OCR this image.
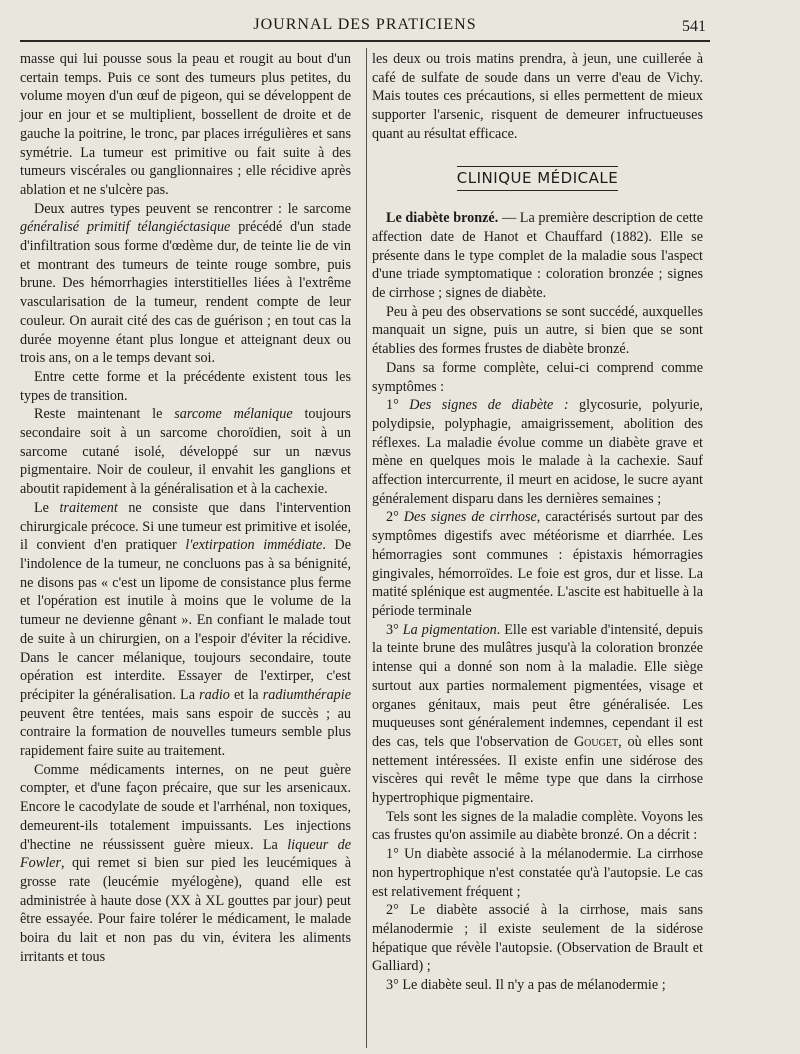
JOURNAL DES PRATICIENS	541

masse qui lui pousse sous la peau et rougit au bout d'un certain temps. Puis ce sont des tumeurs plus petites, du volume moyen d'un œuf de pigeon, qui se développent de jour en jour et se multiplient, bossellent de droite et de gauche la poitrine, le tronc, par places irrégulières et sans symétrie. La tumeur est primitive ou fait suite à des tumeurs viscérales ou ganglionnaires ; elle récidive après ablation et ne s'ulcère pas.

Deux autres types peuvent se rencontrer : le sarcome généralisé primitif télangiéctasique précédé d'un stade d'infiltration sous forme d'œdème dur, de teinte lie de vin et montrant des tumeurs de teinte rouge sombre, puis brune. Des hémorrhagies interstitielles liées à l'extrême vascularisation de la tumeur, rendent compte de leur couleur. On aurait cité des cas de guérison ; en tout cas la durée moyenne étant plus longue et atteignant deux ou trois ans, on a le temps devant soi.

Entre cette forme et la précédente existent tous les types de transition.

Reste maintenant le sarcome mélanique toujours secondaire soit à un sarcome choroïdien, soit à un sarcome cutané isolé, développé sur un nævus pigmentaire. Noir de couleur, il envahit les ganglions et aboutit rapidement à la généralisation et à la cachexie.

Le traitement ne consiste que dans l'intervention chirurgicale précoce. Si une tumeur est primitive et isolée, il convient d'en pratiquer l'extirpation immédiate. De l'indolence de la tumeur, ne concluons pas à sa bénignité, ne disons pas « c'est un lipome de consistance plus ferme et l'opération est inutile à moins que le volume de la tumeur ne devienne gênant ». En confiant le malade tout de suite à un chirurgien, on a l'espoir d'éviter la récidive. Dans le cancer mélanique, toujours secondaire, toute opération est interdite. Essayer de l'extirper, c'est précipiter la généralisation. La radio et la radiumthérapie peuvent être tentées, mais sans espoir de succès ; au contraire la formation de nouvelles tumeurs semble plus rapidement faire suite au traitement.

Comme médicaments internes, on ne peut guère compter, et d'une façon précaire, que sur les arsenicaux. Encore le cacodylate de soude et l'arrhénal, non toxiques, demeurent-ils totalement impuissants. Les injections d'hectine ne réussissent guère mieux. La liqueur de Fowler, qui remet si bien sur pied les leucémiques à grosse rate (leucémie myélogène), quand elle est administrée à haute dose (XX à XL gouttes par jour) peut être essayée. Pour faire tolérer le médicament, le malade boira du lait et non pas du vin, évitera les aliments irritants et tous

les deux ou trois matins prendra, à jeun, une cuillerée à café de sulfate de soude dans un verre d'eau de Vichy. Mais toutes ces précautions, si elles permettent de mieux supporter l'arsenic, risquent de demeurer infructueuses quant au résultat efficace.

CLINIQUE MÉDICALE

Le diabète bronzé. — La première description de cette affection date de Hanot et Chauffard (1882). Elle se présente dans le type complet de la maladie sous l'aspect d'une triade symptomatique : coloration bronzée ; signes de cirrhose ; signes de diabète.

Peu à peu des observations se sont succédé, auxquelles manquait un signe, puis un autre, si bien que se sont établies des formes frustes de diabète bronzé.

Dans sa forme complète, celui-ci comprend comme symptômes :

1° Des signes de diabète : glycosurie, polyurie, polydipsie, polyphagie, amaigrissement, abolition des réflexes. La maladie évolue comme un diabète grave et mène en quelques mois le malade à la cachexie. Sauf affection intercurrente, il meurt en acidose, le sucre ayant généralement disparu dans les dernières semaines ;

2° Des signes de cirrhose, caractérisés surtout par des symptômes digestifs avec météorisme et diarrhée. Les hémorragies sont communes : épistaxis hémorragies gingivales, hémorroïdes. Le foie est gros, dur et lisse. La matité splénique est augmentée. L'ascite est habituelle à la période terminale

3° La pigmentation. Elle est variable d'intensité, depuis la teinte brune des mulâtres jusqu'à la coloration bronzée intense qui a donné son nom à la maladie. Elle siège surtout aux parties normalement pigmentées, visage et organes génitaux, mais peut être généralisée. Les muqueuses sont généralement indemnes, cependant il est des cas, tels que l'observation de Gouget, où elles sont nettement intéressées. Il existe enfin une sidérose des viscères qui revêt le même type que dans la cirrhose hypertrophique pigmentaire.

Tels sont les signes de la maladie complète. Voyons les cas frustes qu'on assimile au diabète bronzé. On a décrit :

1° Un diabète associé à la mélanodermie. La cirrhose non hypertrophique n'est constatée qu'à l'autopsie. Le cas est relativement fréquent ;

2° Le diabète associé à la cirrhose, mais sans mélanodermie ; il existe seulement de la sidérose hépatique que révèle l'autopsie. (Observation de Brault et Galliard) ;

3° Le diabète seul. Il n'y a pas de mélanodermie ;
